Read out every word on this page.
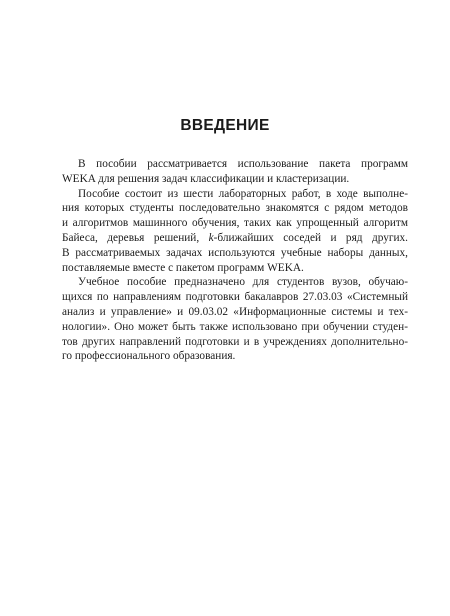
ВВЕДЕНИЕ
В пособии рассматривается использование пакета программ
WEKA для решения задач классификации и кластеризации.
Пособие состоит из шести лабораторных работ, в ходе выполне-
ния которых студенты последовательно знакомятся с рядом методов
и алгоритмов машинного обучения, таких как упрощенный алгоритм
Байеса, деревья решений, k-ближайших соседей и ряд других.
В рассматриваемых задачах используются учебные наборы данных,
поставляемые вместе с пакетом программ WEKA.
Учебное пособие предназначено для студентов вузов, обучаю-
щихся по направлениям подготовки бакалавров 27.03.03 «Системный
анализ и управление» и 09.03.02 «Информационные системы и тех-
нологии». Оно может быть также использовано при обучении студен-
тов других направлений подготовки и в учреждениях дополнительно-
го профессионального образования.
